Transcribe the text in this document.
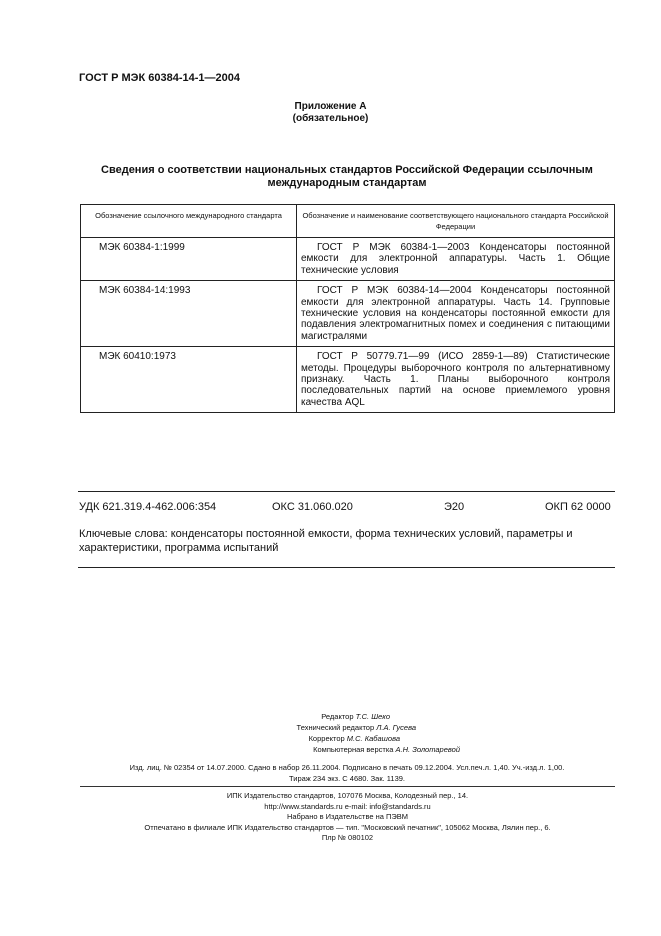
ГОСТ Р МЭК 60384-14-1—2004
Приложение А
(обязательное)
Сведения о соответствии национальных стандартов Российской Федерации ссылочным
международным стандартам
Обозначение ссылочного международного стандарта	Обозначение и наименование соответствующего национального стандарта Российской Федерации
МЭК 60384-1:1999	ГОСТ Р МЭК 60384-1—2003 Конденсаторы постоянной емкости для электронной аппаратуры. Часть 1. Общие технические условия
МЭК 60384-14:1993	ГОСТ Р МЭК 60384-14—2004 Конденсаторы постоянной емкости для электронной аппаратуры. Часть 14. Групповые технические условия на конденсаторы постоянной емкости для подавления электромагнитных помех и соединения с питающими магистралями
МЭК 60410:1973	ГОСТ Р 50779.71—99 (ИСО 2859-1—89) Статистические методы. Процедуры выборочного контроля по альтернативному признаку. Часть 1. Планы выборочного контроля последовательных партий на основе приемлемого уровня качества AQL
УДК 621.319.4-462.006:354	ОКС 31.060.020	Э20	ОКП 62 0000
Ключевые слова: конденсаторы постоянной емкости, форма технических условий, параметры и характеристики, программа испытаний
Редактор Т.С. Шеко
Технический редактор Л.А. Гусева
Корректор М.С. Кабашова
Компьютерная верстка А.Н. Золотаревой
Изд. лиц. № 02354 от 14.07.2000. Сдано в набор 26.11.2004. Подписано в печать 09.12.2004. Усл.печ.л. 1,40. Уч.-изд.л. 1,00.
Тираж 234 экз. С 4680. Зак. 1139.
ИПК Издательство стандартов, 107076 Москва, Колодезный пер., 14.
http://www.standards.ru e-mail: info@standards.ru
Набрано в Издательстве на ПЭВМ
Отпечатано в филиале ИПК Издательство стандартов — тип. "Московский печатник", 105062 Москва, Лялин пер., 6.
Плр № 080102
